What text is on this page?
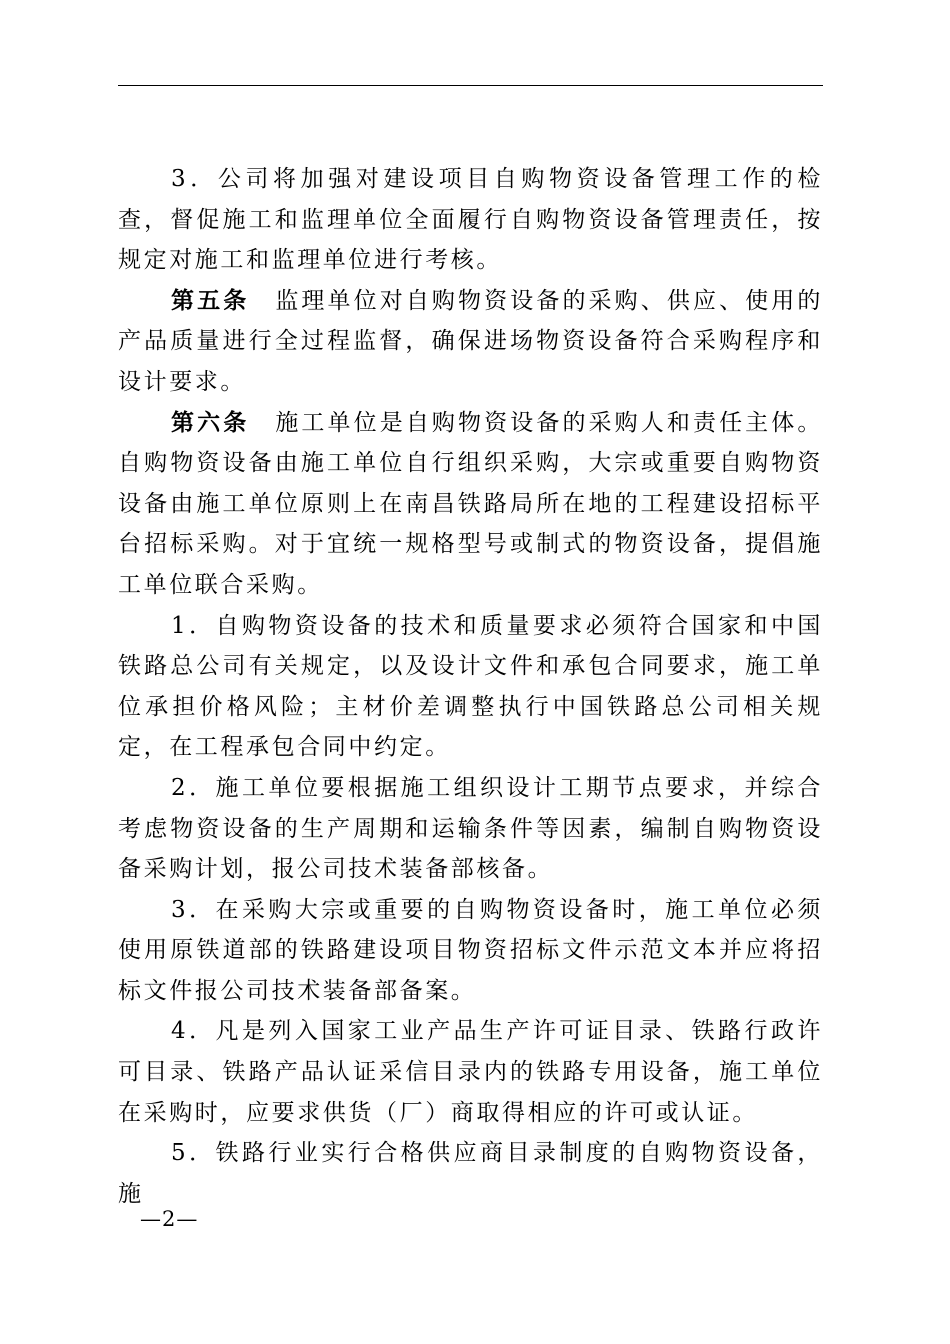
3．公司将加强对建设项目自购物资设备管理工作的检查，督促施工和监理单位全面履行自购物资设备管理责任，按规定对施工和监理单位进行考核。

第五条 监理单位对自购物资设备的采购、供应、使用的产品质量进行全过程监督，确保进场物资设备符合采购程序和设计要求。

第六条 施工单位是自购物资设备的采购人和责任主体。自购物资设备由施工单位自行组织采购，大宗或重要自购物资设备由施工单位原则上在南昌铁路局所在地的工程建设招标平台招标采购。对于宜统一规格型号或制式的物资设备，提倡施工单位联合采购。

1．自购物资设备的技术和质量要求必须符合国家和中国铁路总公司有关规定，以及设计文件和承包合同要求，施工单位承担价格风险；主材价差调整执行中国铁路总公司相关规定，在工程承包合同中约定。

2．施工单位要根据施工组织设计工期节点要求，并综合考虑物资设备的生产周期和运输条件等因素，编制自购物资设备采购计划，报公司技术装备部核备。

3．在采购大宗或重要的自购物资设备时，施工单位必须使用原铁道部的铁路建设项目物资招标文件示范文本并应将招标文件报公司技术装备部备案。

4．凡是列入国家工业产品生产许可证目录、铁路行政许可目录、铁路产品认证采信目录内的铁路专用设备，施工单位在采购时，应要求供货（厂）商取得相应的许可或认证。

5．铁路行业实行合格供应商目录制度的自购物资设备，施

—2—
